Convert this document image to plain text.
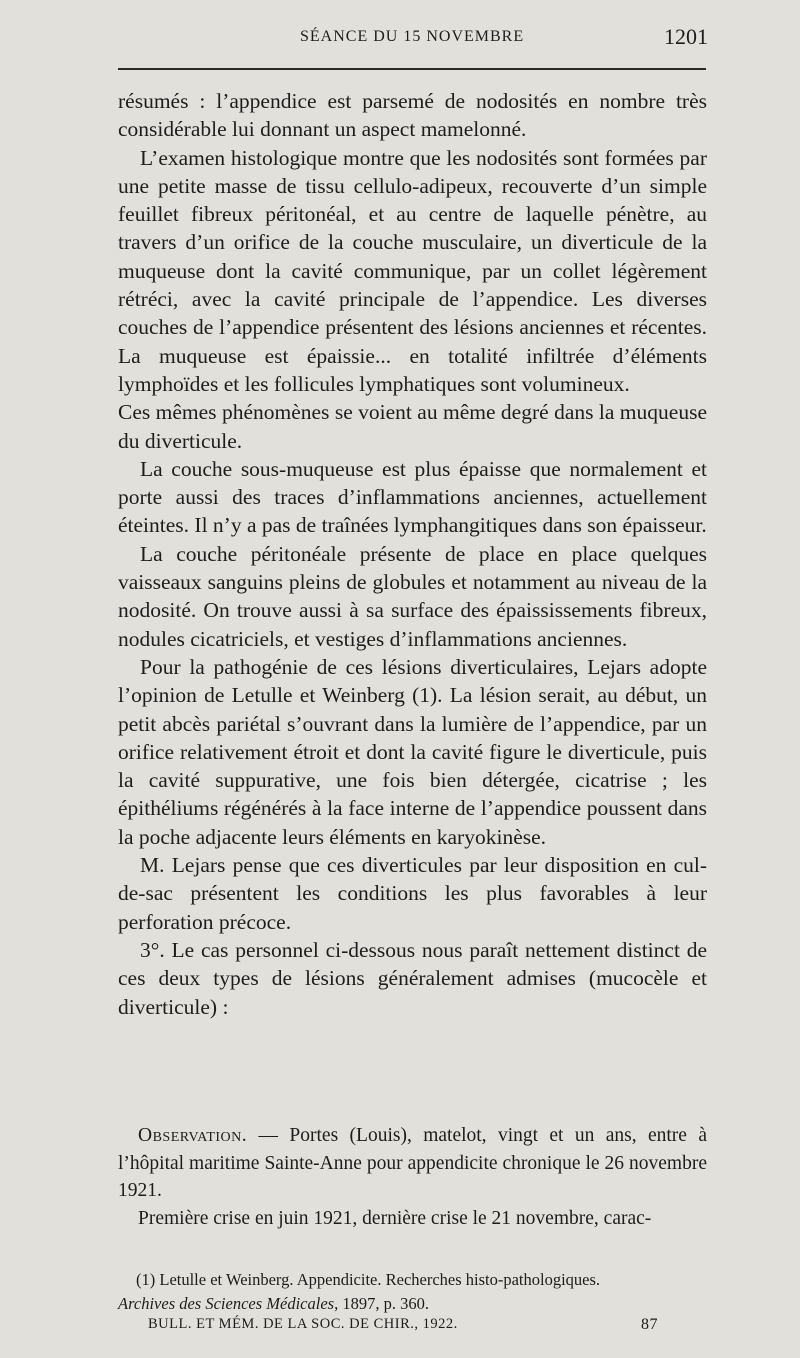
SÉANCE DU 15 NOVEMBRE	1201

résumés : l’appendice est parsemé de nodosités en nombre très considérable lui donnant un aspect mamelonné.

L’examen histologique montre que les nodosités sont formées par une petite masse de tissu cellulo-adipeux, recouverte d’un simple feuillet fibreux péritonéal, et au centre de laquelle pénètre, au travers d’un orifice de la couche musculaire, un diverticule de la muqueuse dont la cavité communique, par un collet légèrement rétréci, avec la cavité principale de l’appendice. Les diverses couches de l’appendice présentent des lésions anciennes et récentes. La muqueuse est épaissie... en totalité infiltrée d’éléments lymphoïdes et les follicules lymphatiques sont volumineux.

Ces mêmes phénomènes se voient au même degré dans la muqueuse du diverticule.

La couche sous-muqueuse est plus épaisse que normalement et porte aussi des traces d’inflammations anciennes, actuellement éteintes. Il n’y a pas de traînées lymphangitiques dans son épaisseur.

La couche péritonéale présente de place en place quelques vaisseaux sanguins pleins de globules et notamment au niveau de la nodosité. On trouve aussi à sa surface des épaississements fibreux, nodules cicatriciels, et vestiges d’inflammations anciennes.

Pour la pathogénie de ces lésions diverticulaires, Lejars adopte l’opinion de Letulle et Weinberg (1). La lésion serait, au début, un petit abcès pariétal s’ouvrant dans la lumière de l’appendice, par un orifice relativement étroit et dont la cavité figure le diverticule, puis la cavité suppurative, une fois bien détergée, cicatrise ; les épithéliums régénérés à la face interne de l’appendice poussent dans la poche adjacente leurs éléments en karyokinèse.

M. Lejars pense que ces diverticules par leur disposition en cul-de-sac présentent les conditions les plus favorables à leur perforation précoce.

3°. Le cas personnel ci-dessous nous paraît nettement distinct de ces deux types de lésions généralement admises (mucocèle et diverticule) :

Observation. — Portes (Louis), matelot, vingt et un ans, entre à l’hôpital maritime Sainte-Anne pour appendicite chronique le 26 novembre 1921.

Première crise en juin 1921, dernière crise le 21 novembre, carac-

(1) Letulle et Weinberg. Appendicite. Recherches histo-pathologiques.

Archives des Sciences Médicales, 1897, p. 360.

BULL. ET MÉM. DE LA SOC. DE CHIR., 1922.	87
